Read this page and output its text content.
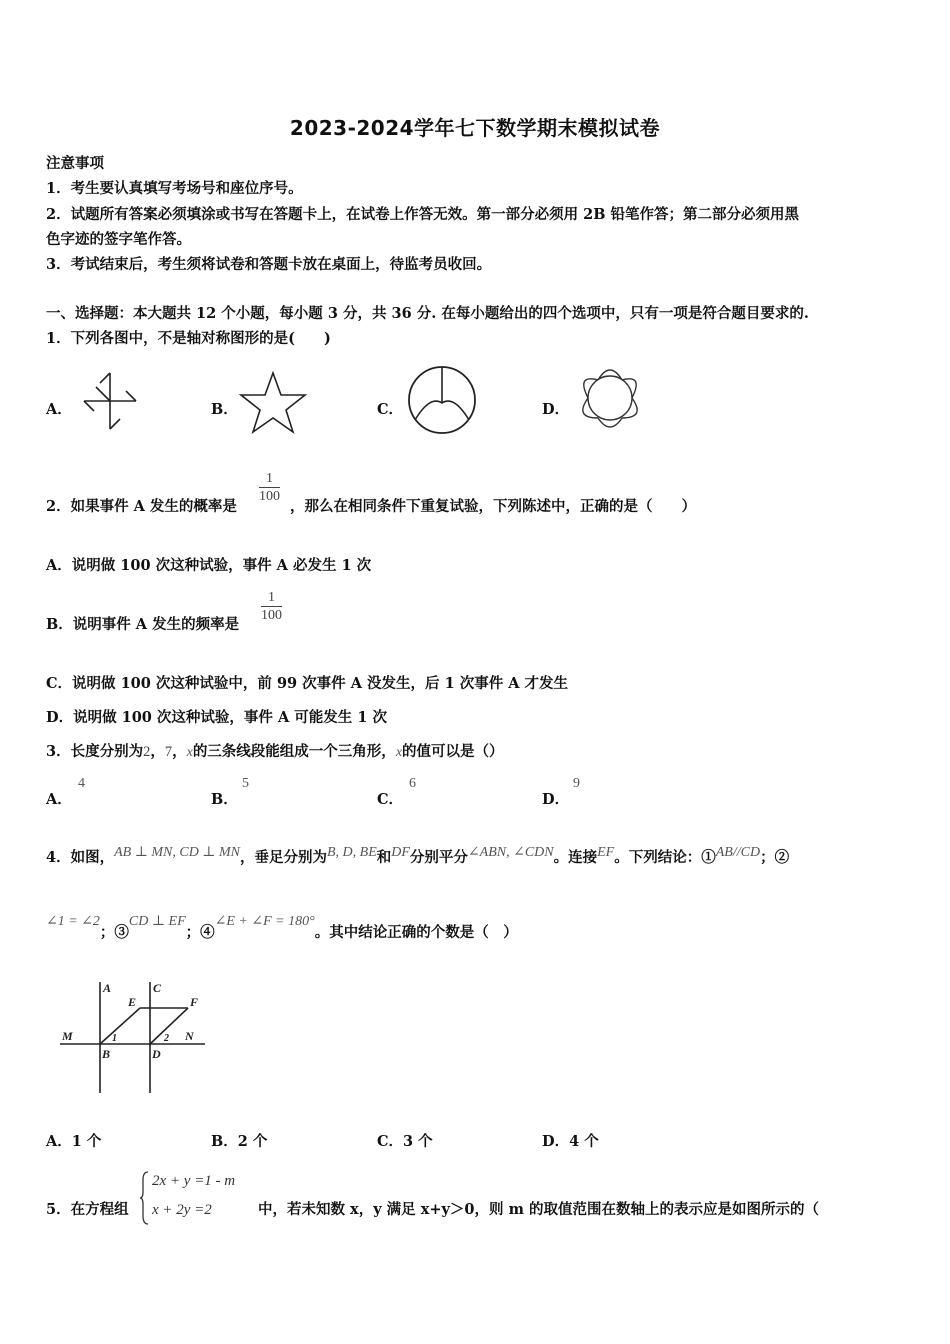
2023-2024学年七下数学期末模拟试卷
注意事项
1．考生要认真填写考场号和座位序号。
2．试题所有答案必须填涂或书写在答题卡上，在试卷上作答无效。第一部分必须用 2B 铅笔作答；第二部分必须用黑
色字迹的签字笔作答。
3．考试结束后，考生须将试卷和答题卡放在桌面上，待监考员收回。
一、选择题：本大题共 12 个小题，每小题 3 分，共 36 分. 在每小题给出的四个选项中，只有一项是符合题目要求的.
1．下列各图中，不是轴对称图形的是(　　)
A．	B．	C．	D．
2．如果事件 A 发生的概率是
1
100
，那么在相同条件下重复试验，下列陈述中，正确的是（　　）
A．说明做 100 次这种试验，事件 A 必发生 1 次
B．说明事件 A 发生的频率是
1
100
C．说明做 100 次这种试验中，前 99 次事件 A 没发生，后 1 次事件 A 才发生
D．说明做 100 次这种试验，事件 A 可能发生 1 次
3．长度分别为2，7，x的三条线段能组成一个三角形，x的值可以是（）
A．
4
B．
5
C．
6
D．
9
4．如图，AB ⊥ MN, CD ⊥ MN，垂足分别为B, D, BE和DF分别平分∠ABN, ∠CDN。连接EF。下列结论：①AB//CD；②
∠1 = ∠2；③CD ⊥ EF；④∠E + ∠F = 180°。其中结论正确的个数是（　）
A	C
E	F
M	N
B	D
1	2
A．1 个	B．2 个	C．3 个	D．4 个
5．在方程组
2x + y =1 - m
x + 2y =2	中，若未知数 x，y 满足 x+y＞0，则 m 的取值范围在数轴上的表示应是如图所示的（
